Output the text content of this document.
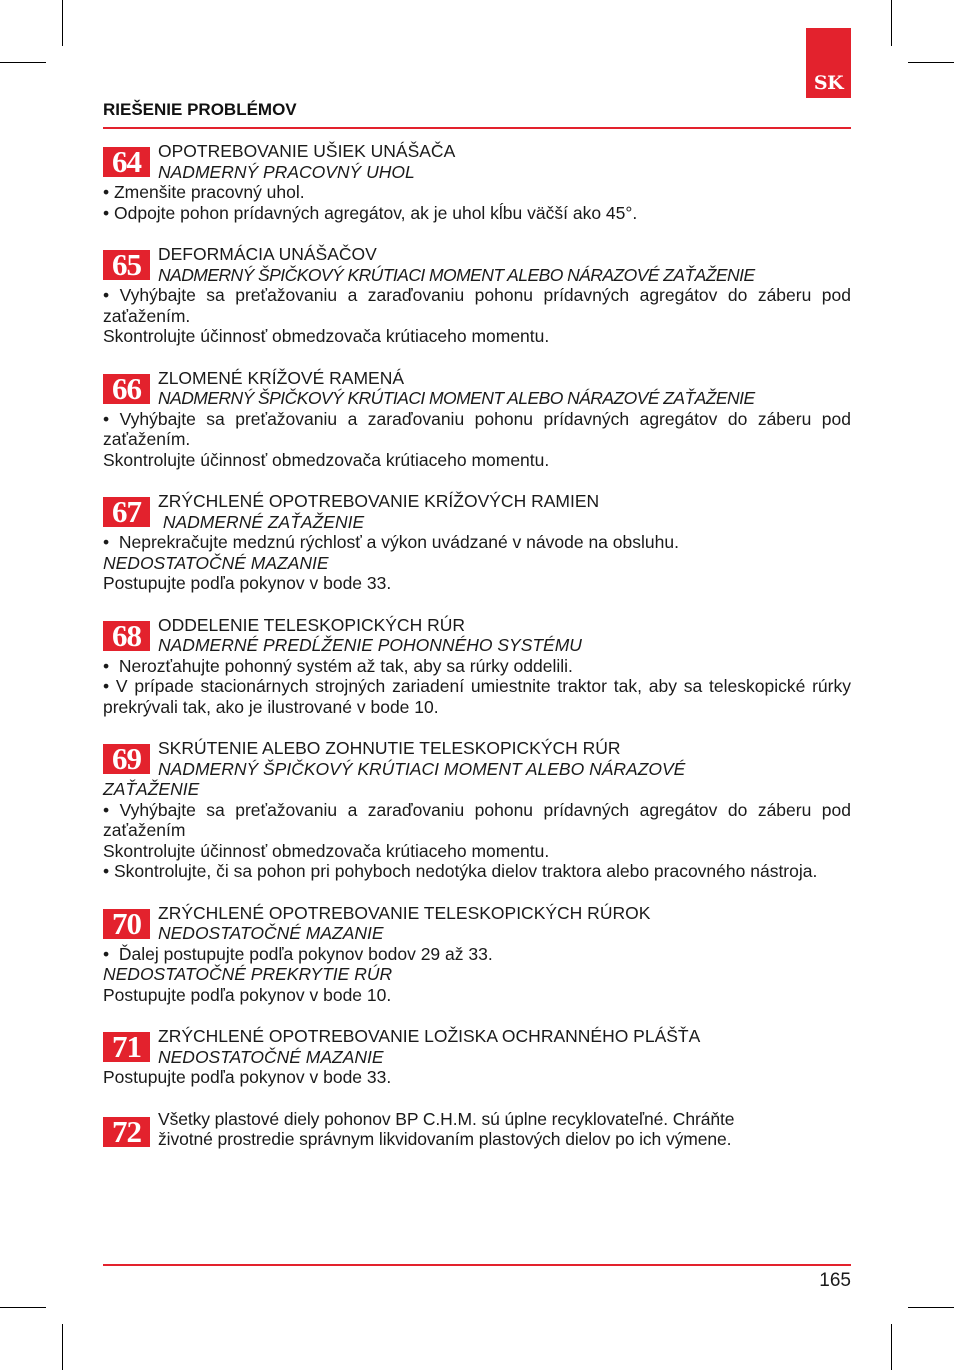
SK
RIEŠENIE PROBLÉMOV
64 OPOTREBOVANIE UŠIEK UNÁŠAČA
NADMERNÝ PRACOVNÝ UHOL
• Zmenšite pracovný uhol.
• Odpojte pohon prídavných agregátov, ak je uhol kĺbu väčší ako 45°.
65 DEFORMÁCIA UNÁŠAČOV
NADMERNÝ ŠPIČKOVÝ KRÚTIACI MOMENT ALEBO NÁRAZOVÉ ZAŤAŽENIE
• Vyhýbajte sa preťažovaniu a zaraďovaniu pohonu prídavných agregátov do záberu pod zaťažením.
Skontrolujte účinnosť obmedzovača krútiaceho momentu.
66 ZLOMENÉ KRÍŽOVÉ RAMENÁ
NADMERNÝ ŠPIČKOVÝ KRÚTIACI MOMENT ALEBO NÁRAZOVÉ ZAŤAŽENIE
• Vyhýbajte sa preťažovaniu a zaraďovaniu pohonu prídavných agregátov do záberu pod zaťažením.
Skontrolujte účinnosť obmedzovača krútiaceho momentu.
67 ZRÝCHLENÉ OPOTREBOVANIE KRÍŽOVÝCH RAMIEN
NADMERNÉ ZAŤAŽENIE
•  Neprekračujte medznú rýchlosť a výkon uvádzané v návode na obsluhu.
NEDOSTATOČNÉ MAZANIE
Postupujte podľa pokynov v bode 33.
68 ODDELENIE TELESKOPICKÝCH RÚR
NADMERNÉ PREDĹŽENIE POHONNÉHO SYSTÉMU
•  Nerozťahujte pohonný systém až tak, aby sa rúrky oddelili.
• V prípade stacionárnych strojných zariadení umiestnite traktor tak, aby sa teleskopické rúrky prekrývali tak, ako je ilustrované v bode 10.
69 SKRÚTENIE ALEBO ZOHNUTIE TELESKOPICKÝCH RÚR
NADMERNÝ ŠPIČKOVÝ KRÚTIACI MOMENT ALEBO NÁRAZOVÉ
ZAŤAŽENIE
• Vyhýbajte sa preťažovaniu a zaraďovaniu pohonu prídavných agregátov do záberu pod zaťažením
Skontrolujte účinnosť obmedzovača krútiaceho momentu.
• Skontrolujte, či sa pohon pri pohyboch nedotýka dielov traktora alebo pracovného nástroja.
70 ZRÝCHLENÉ OPOTREBOVANIE TELESKOPICKÝCH RÚROK
NEDOSTATOČNÉ MAZANIE
•  Ďalej postupujte podľa pokynov bodov 29 až 33.
NEDOSTATOČNÉ PREKRYTIE RÚR
Postupujte podľa pokynov v bode 10.
71 ZRÝCHLENÉ OPOTREBOVANIE LOŽISKA OCHRANNÉHO PLÁŠŤA
NEDOSTATOČNÉ MAZANIE
Postupujte podľa pokynov v bode 33.
72 Všetky plastové diely pohonov BP C.H.M. sú úplne recyklovateľné. Chráňte
životné prostredie správnym likvidovaním plastových dielov po ich výmene.
165
